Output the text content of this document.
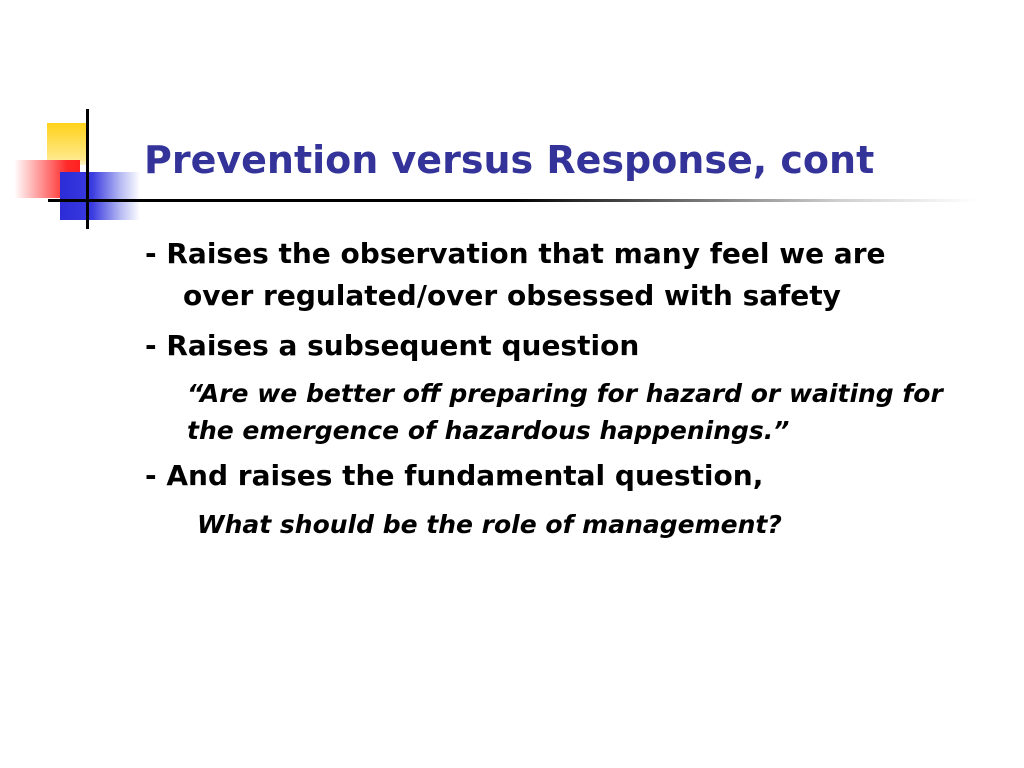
Prevention versus Response, cont

- Raises the observation that many feel we are over regulated/over obsessed with safety

- Raises a subsequent question

“Are we better off preparing for hazard or waiting for the emergence of hazardous happenings.”

- And raises the fundamental question,

What should be the role of management?
